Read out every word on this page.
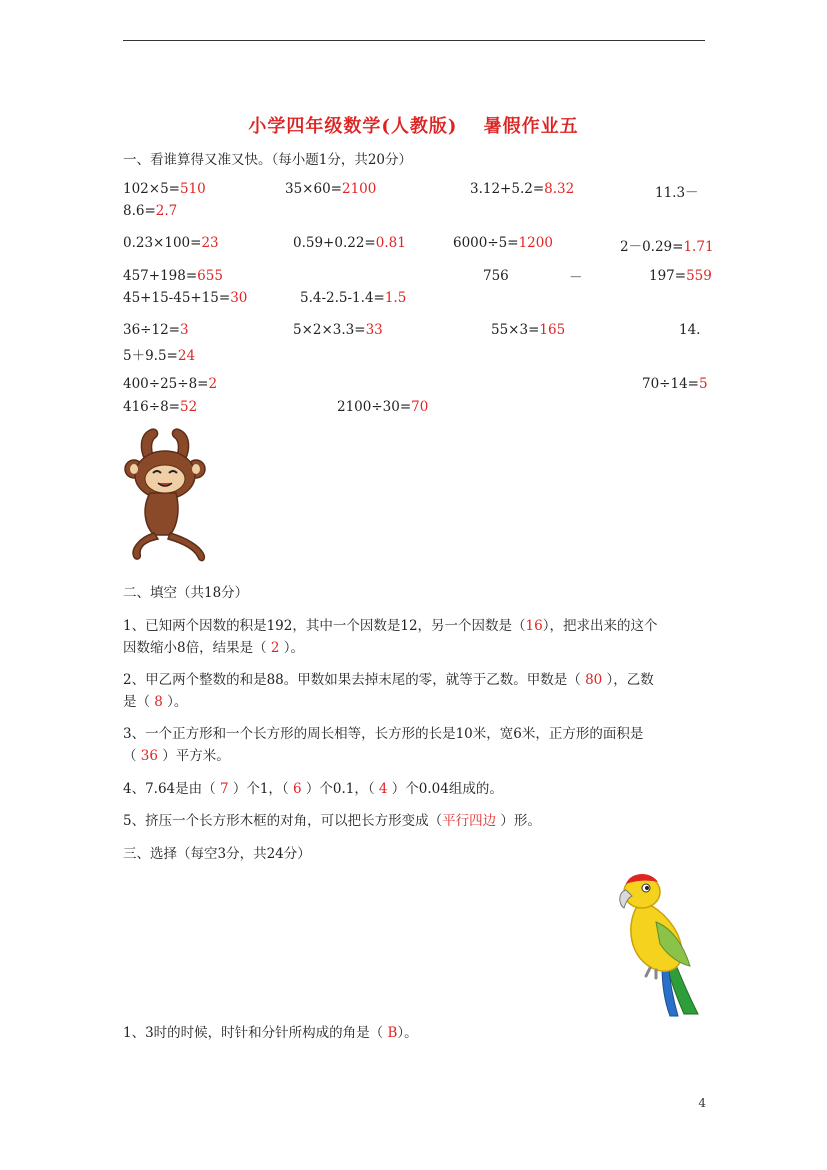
小学四年级数学(人教版)　 暑假作业五
一、看谁算得又准又快。（每小题1分，共20分）
102×5=510	35×60=2100	3.12+5.2=8.32	11.3－
8.6=2.7
0.23×100=23	0.59+0.22=0.81	6000÷5=1200	2－0.29=1.71
457+198=655	756	－	197=559
45+15-45+15=30	5.4-2.5-1.4=1.5
36÷12=3	5×2×3.3=33	55×3=165	14.
5＋9.5=24
400÷25÷8=2	70÷14=5
416÷8=52	2100÷30=70
二、填空（共18分）
1、已知两个因数的积是192，其中一个因数是12，另一个因数是（16），把求出来的这个
因数缩小8倍，结果是（ 2 ）。
2、甲乙两个整数的和是88。甲数如果去掉末尾的零，就等于乙数。甲数是（ 80 ），乙数
是（ 8 ）。
3、一个正方形和一个长方形的周长相等，长方形的长是10米，宽6米，正方形的面积是
（ 36 ）平方米。
4、7.64是由（ 7 ）个1，（ 6 ）个0.1，（ 4 ）个0.04组成的。
5、挤压一个长方形木框的对角，可以把长方形变成（平行四边 ）形。
三、选择（每空3分，共24分）
1、3时的时候，时针和分针所构成的角是（ B）。
4
